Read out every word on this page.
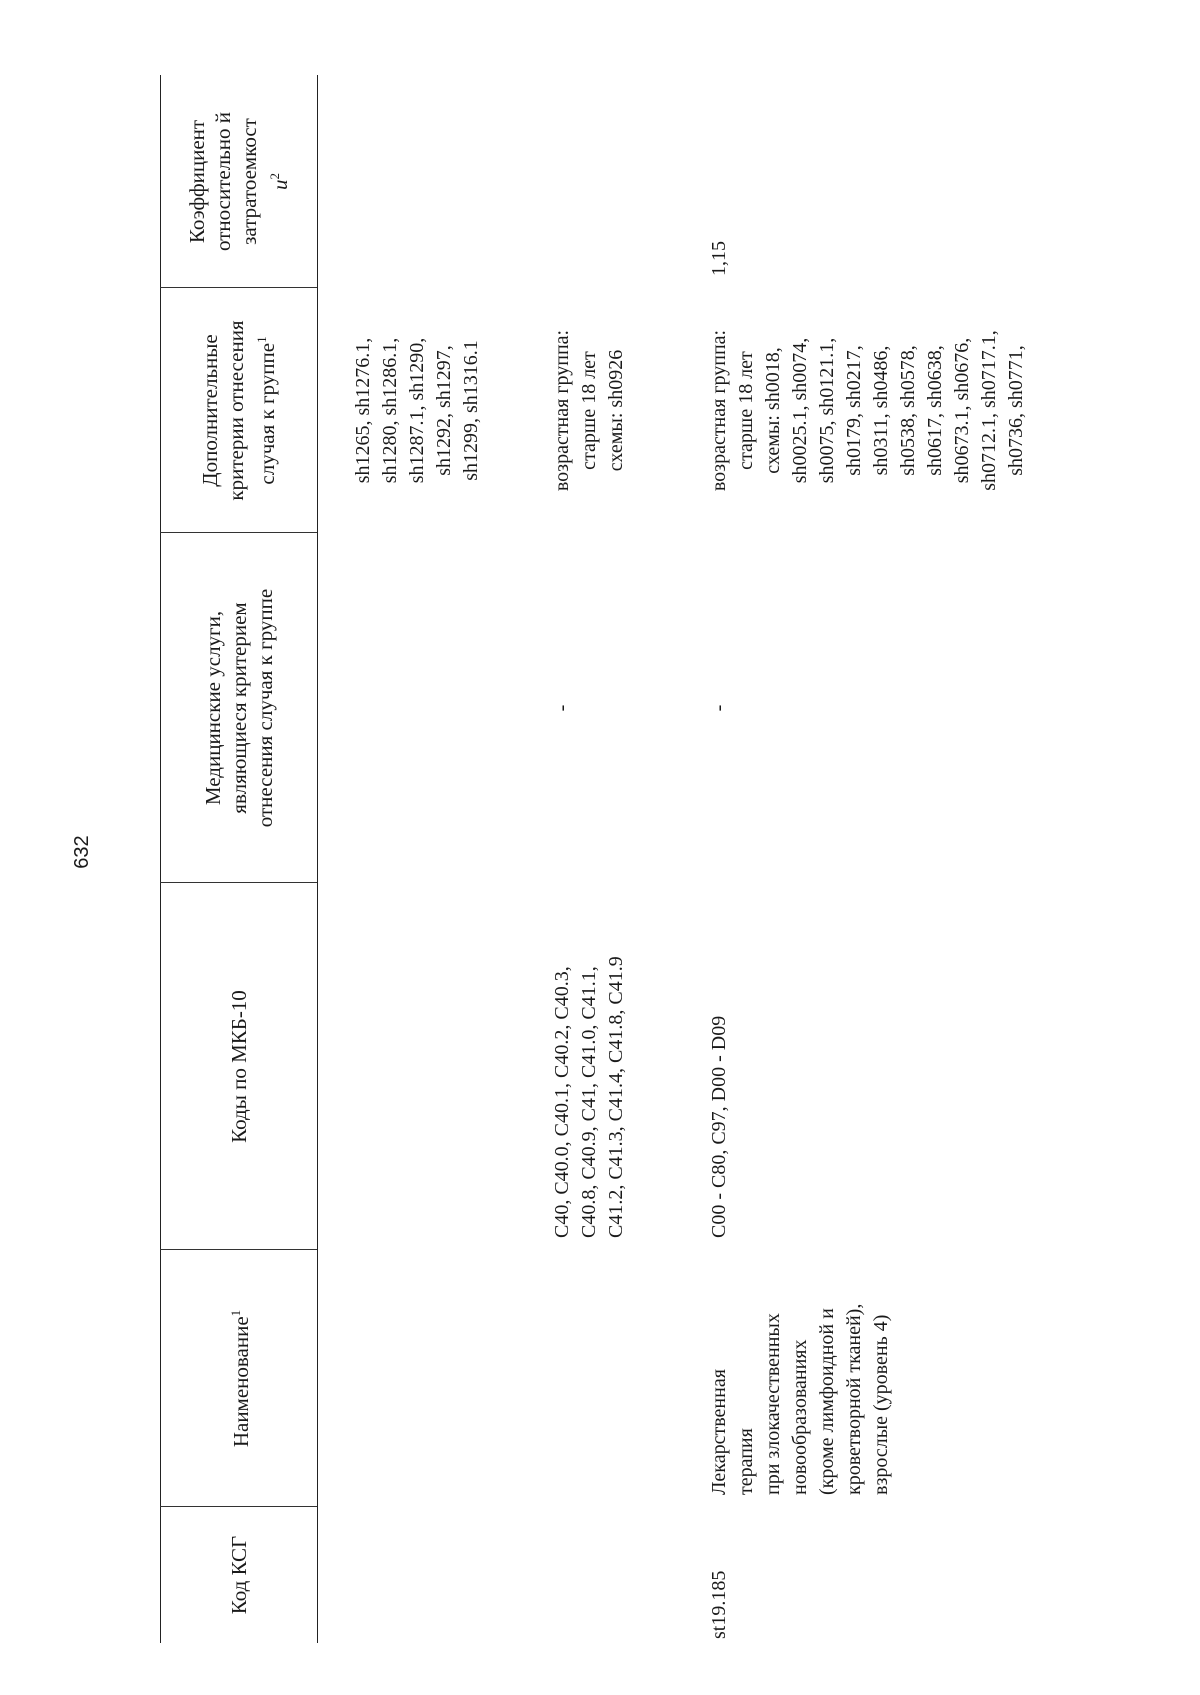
632
Код КСГ
Наименование$^1$
Коды по МКБ-10
Медицинские услуги, являющиеся критерием отнесения случая к группе
Дополнительные критерии отнесения случая к группе$^1$
Коэффициент относительно й затратоемкост $и^2$
sh1265, sh1276.1,
sh1280, sh1286.1,
sh1287.1, sh1290,
sh1292, sh1297,
sh1299, sh1316.1
C40, C40.0, C40.1, C40.2, C40.3,
C40.8, C40.9, C41, C41.0, C41.1,
C41.2, C41.3, C41.4, C41.8, C41.9
-
возрастная группа:
старше 18 лет
схемы: sh0926
st19.185
Лекарственная
терапия
при злокачественных
новообразованиях
(кроме лимфоидной и
кроветворной тканей),
взрослые (уровень 4)
C00 - C80, C97, D00 - D09
-
возрастная группа:
старше 18 лет
схемы: sh0018,
sh0025.1, sh0074,
sh0075, sh0121.1,
sh0179, sh0217,
sh0311, sh0486,
sh0538, sh0578,
sh0617, sh0638,
sh0673.1, sh0676,
sh0712.1, sh0717.1,
sh0736, sh0771,
1,15
